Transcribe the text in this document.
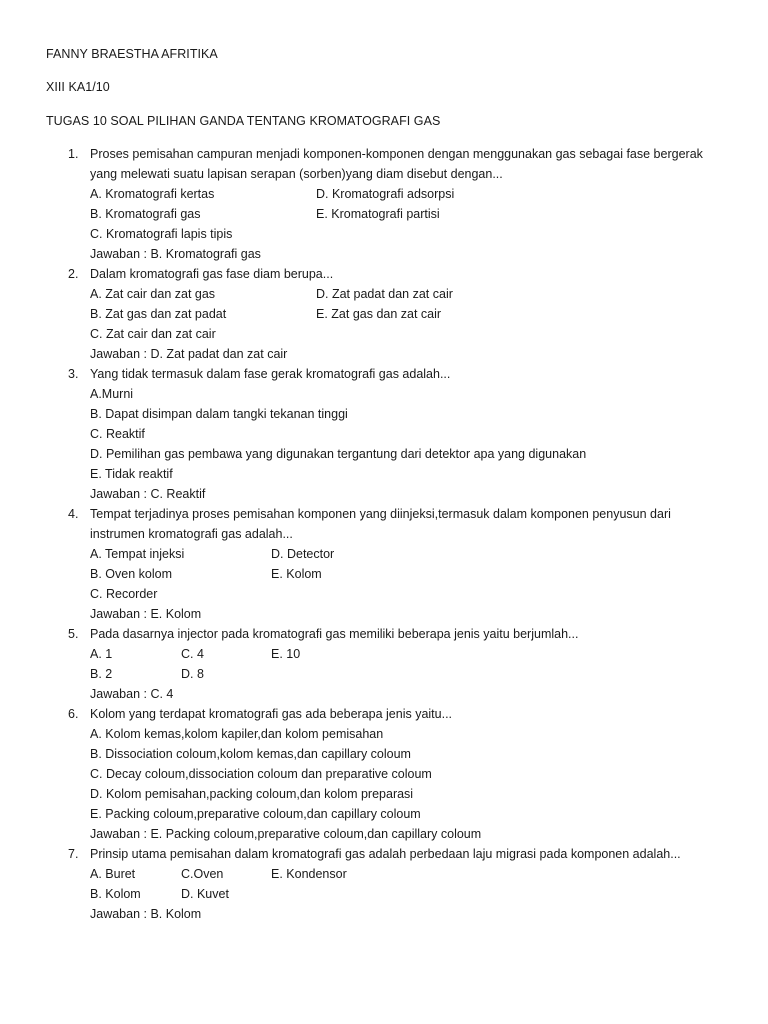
FANNY BRAESTHA AFRITIKA
XIII KA1/10
TUGAS 10 SOAL PILIHAN GANDA TENTANG KROMATOGRAFI GAS
1. Proses pemisahan campuran menjadi komponen-komponen dengan menggunakan gas sebagai fase bergerak
yang melewati suatu lapisan serapan (sorben)yang diam disebut dengan...
A. Kromatografi kertas	D. Kromatografi adsorpsi
B. Kromatografi gas	E. Kromatografi partisi
C. Kromatografi lapis tipis
Jawaban : B. Kromatografi gas
2. Dalam kromatografi gas fase diam berupa...
A. Zat cair dan zat gas	D. Zat padat dan zat cair
B. Zat gas dan zat padat	E. Zat gas dan zat cair
C. Zat cair dan zat cair
Jawaban : D. Zat padat dan zat cair
3. Yang tidak termasuk dalam fase gerak kromatografi gas adalah...
A.Murni
B. Dapat disimpan dalam tangki tekanan tinggi
C. Reaktif
D. Pemilihan gas pembawa yang digunakan tergantung dari detektor apa yang digunakan
E. Tidak reaktif
Jawaban : C. Reaktif
4. Tempat terjadinya proses pemisahan komponen yang diinjeksi,termasuk dalam komponen penyusun dari
instrumen kromatografi gas adalah...
A. Tempat injeksi	D. Detector
B. Oven kolom	E. Kolom
C. Recorder
Jawaban : E. Kolom
5. Pada dasarnya injector pada kromatografi gas memiliki beberapa jenis yaitu berjumlah...
A. 1	C. 4	E. 10
B. 2	D. 8
Jawaban : C. 4
6. Kolom yang terdapat kromatografi gas ada beberapa jenis yaitu...
A. Kolom kemas,kolom kapiler,dan kolom pemisahan
B. Dissociation coloum,kolom kemas,dan capillary coloum
C. Decay coloum,dissociation coloum dan preparative coloum
D. Kolom pemisahan,packing coloum,dan kolom preparasi
E. Packing coloum,preparative coloum,dan capillary coloum
Jawaban : E. Packing coloum,preparative coloum,dan capillary coloum
7. Prinsip utama pemisahan dalam kromatografi gas adalah perbedaan laju migrasi pada komponen adalah...
A. Buret	C.Oven	E. Kondensor
B. Kolom	D. Kuvet
Jawaban : B. Kolom
